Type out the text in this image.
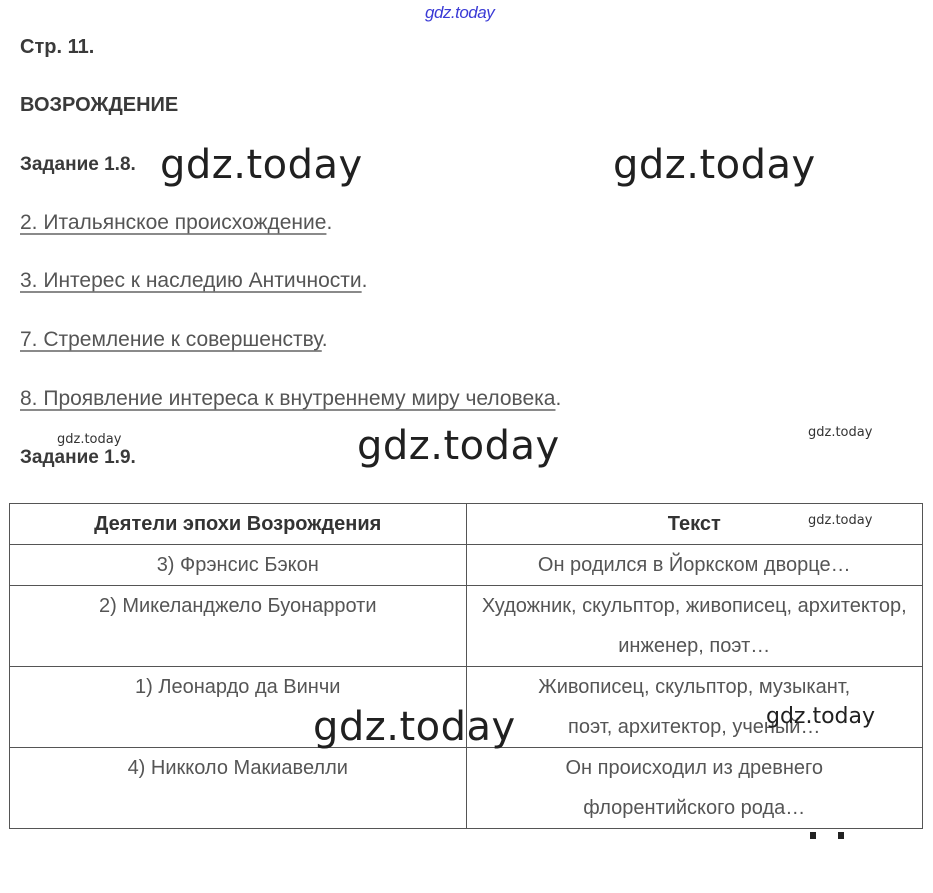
gdz.today
Стр. 11.
ВОЗРОЖДЕНИЕ
Задание 1.8. gdz.today	gdz.today
2. Итальянское происхождение.
3. Интерес к наследию Античности.
7. Стремление к совершенству.
8. Проявление интереса к внутреннему миру человека.
gdz.today	gdz.today
Задание 1.9.	gdz.today
Деятели эпохи Возрождения	Текст
3) Фрэнсис Бэкон	Он родился в Йоркском дворце…
2) Микеланджело Буонарроти	Художник, скульптор, живописец, архитектор, инженер, поэт…
1) Леонардо да Винчи	Живописец, скульптор, музыкант, поэт, архитектор, ученый…
4) Никколо Макиавелли	Он происходил из древнего флорентийского рода…
gdz.today
gdz.today
gdz.today
